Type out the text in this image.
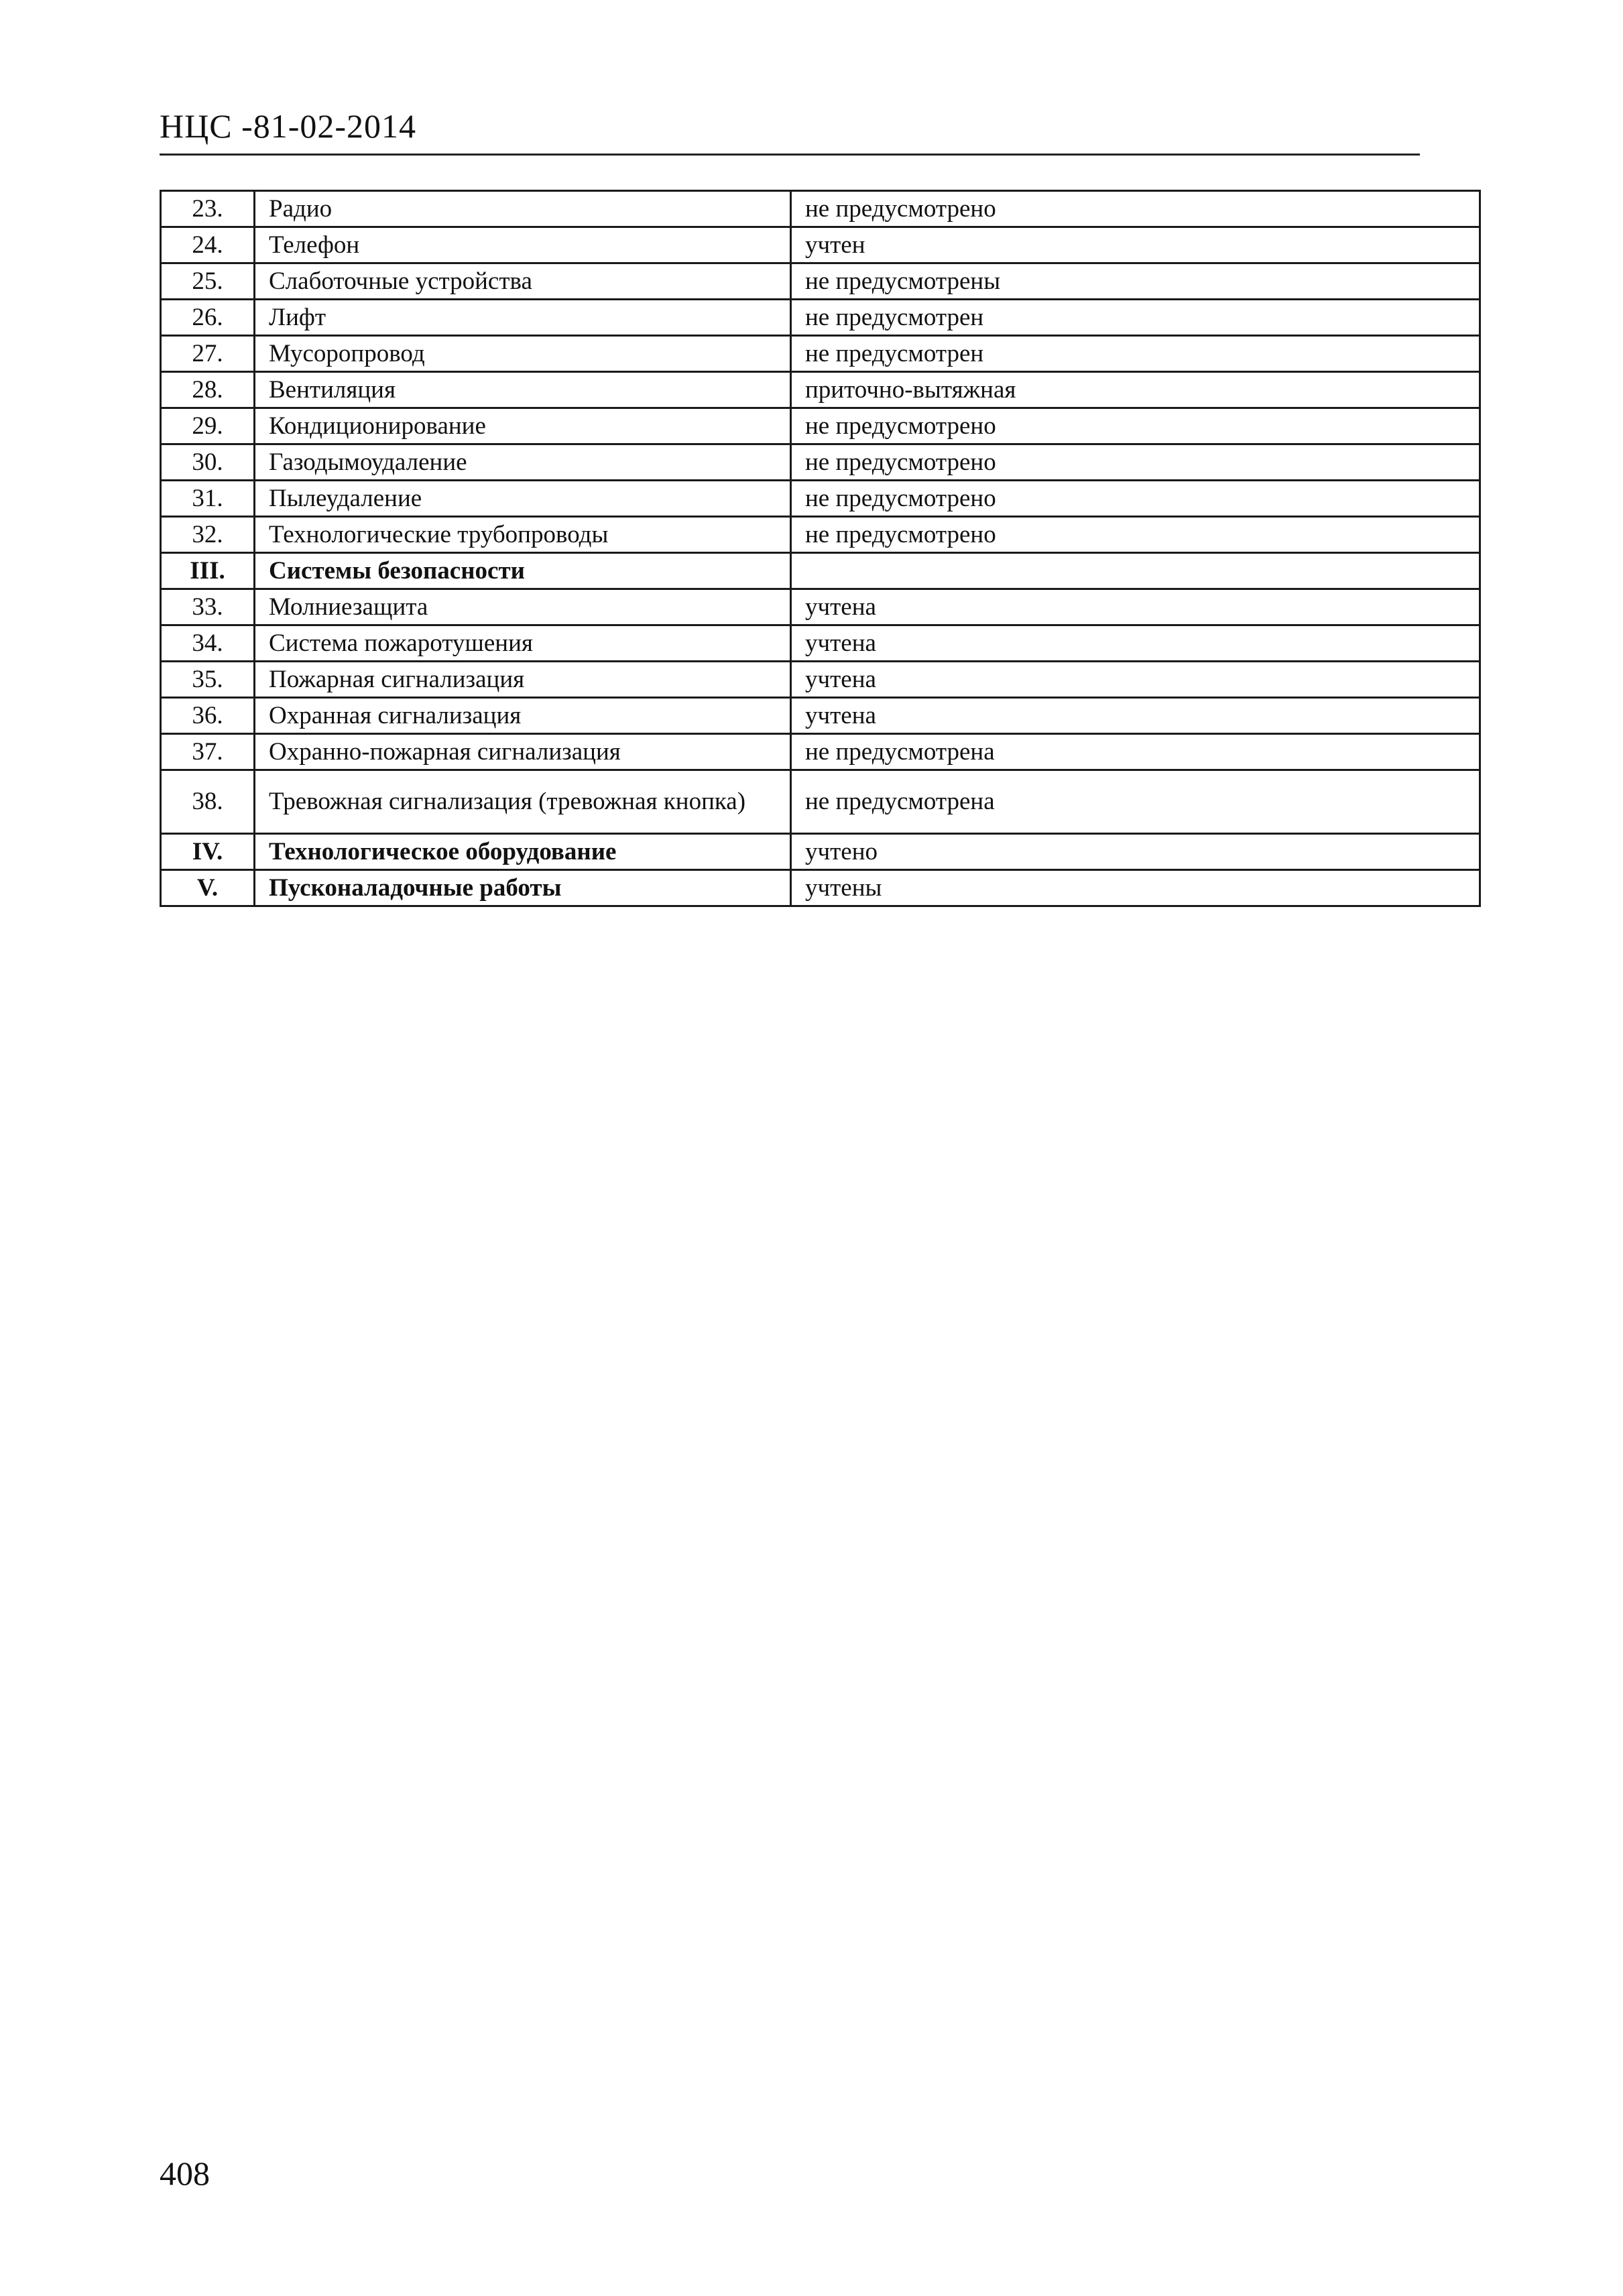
НЦС -81-02-2014
23.	Радио	не предусмотрено
24.	Телефон	учтен
25.	Слаботочные устройства	не предусмотрены
26.	Лифт	не предусмотрен
27.	Мусоропровод	не предусмотрен
28.	Вентиляция	приточно-вытяжная
29.	Кондиционирование	не предусмотрено
30.	Газодымоудаление	не предусмотрено
31.	Пылеудаление	не предусмотрено
32.	Технологические трубопроводы	не предусмотрено
III.	Системы безопасности	
33.	Молниезащита	учтена
34.	Система пожаротушения	учтена
35.	Пожарная сигнализация	учтена
36.	Охранная сигнализация	учтена
37.	Охранно-пожарная сигнализация	не предусмотрена
38.	Тревожная сигнализация (тревожная кнопка)	не предусмотрена
IV.	Технологическое оборудование	учтено
V.	Пусконаладочные работы	учтены
408
